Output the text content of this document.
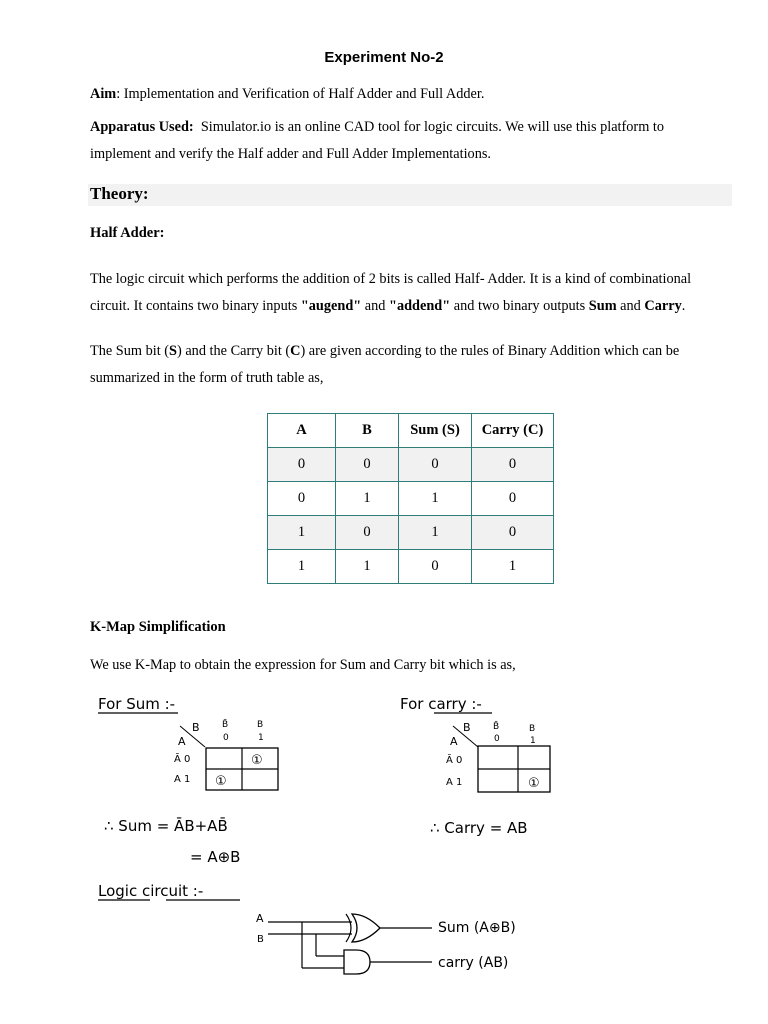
Experiment No-2
Aim: Implementation and Verification of Half Adder and Full Adder.
Apparatus Used: Simulator.io is an online CAD tool for logic circuits. We will use this platform to
implement and verify the Half adder and Full Adder Implementations.
Theory:
Half Adder:
The logic circuit which performs the addition of 2 bits is called Half- Adder. It is a kind of combinational
circuit. It contains two binary inputs "augend" and "addend" and two binary outputs Sum and Carry.
The Sum bit (S) and the Carry bit (C) are given according to the rules of Binary Addition which can be
summarized in the form of truth table as,
A	B	Sum (S)	Carry (C)
0	0	0	0
0	1	1	0
1	0	1	0
1	1	0	1
K-Map Simplification
We use K-Map to obtain the expression for Sum and Carry bit which is as,
For Sum :-	For carry :-
B
A
B̄
0
B
1
Ā 0
A 1
①
①
B
A
B̄
0
B
1
Ā 0
A 1	①
∴ Sum = ĀB+AB̄
= A⊕B
∴ Carry = AB
Logic circuit :-
A
B
Sum (A⊕B)
carry (AB)
